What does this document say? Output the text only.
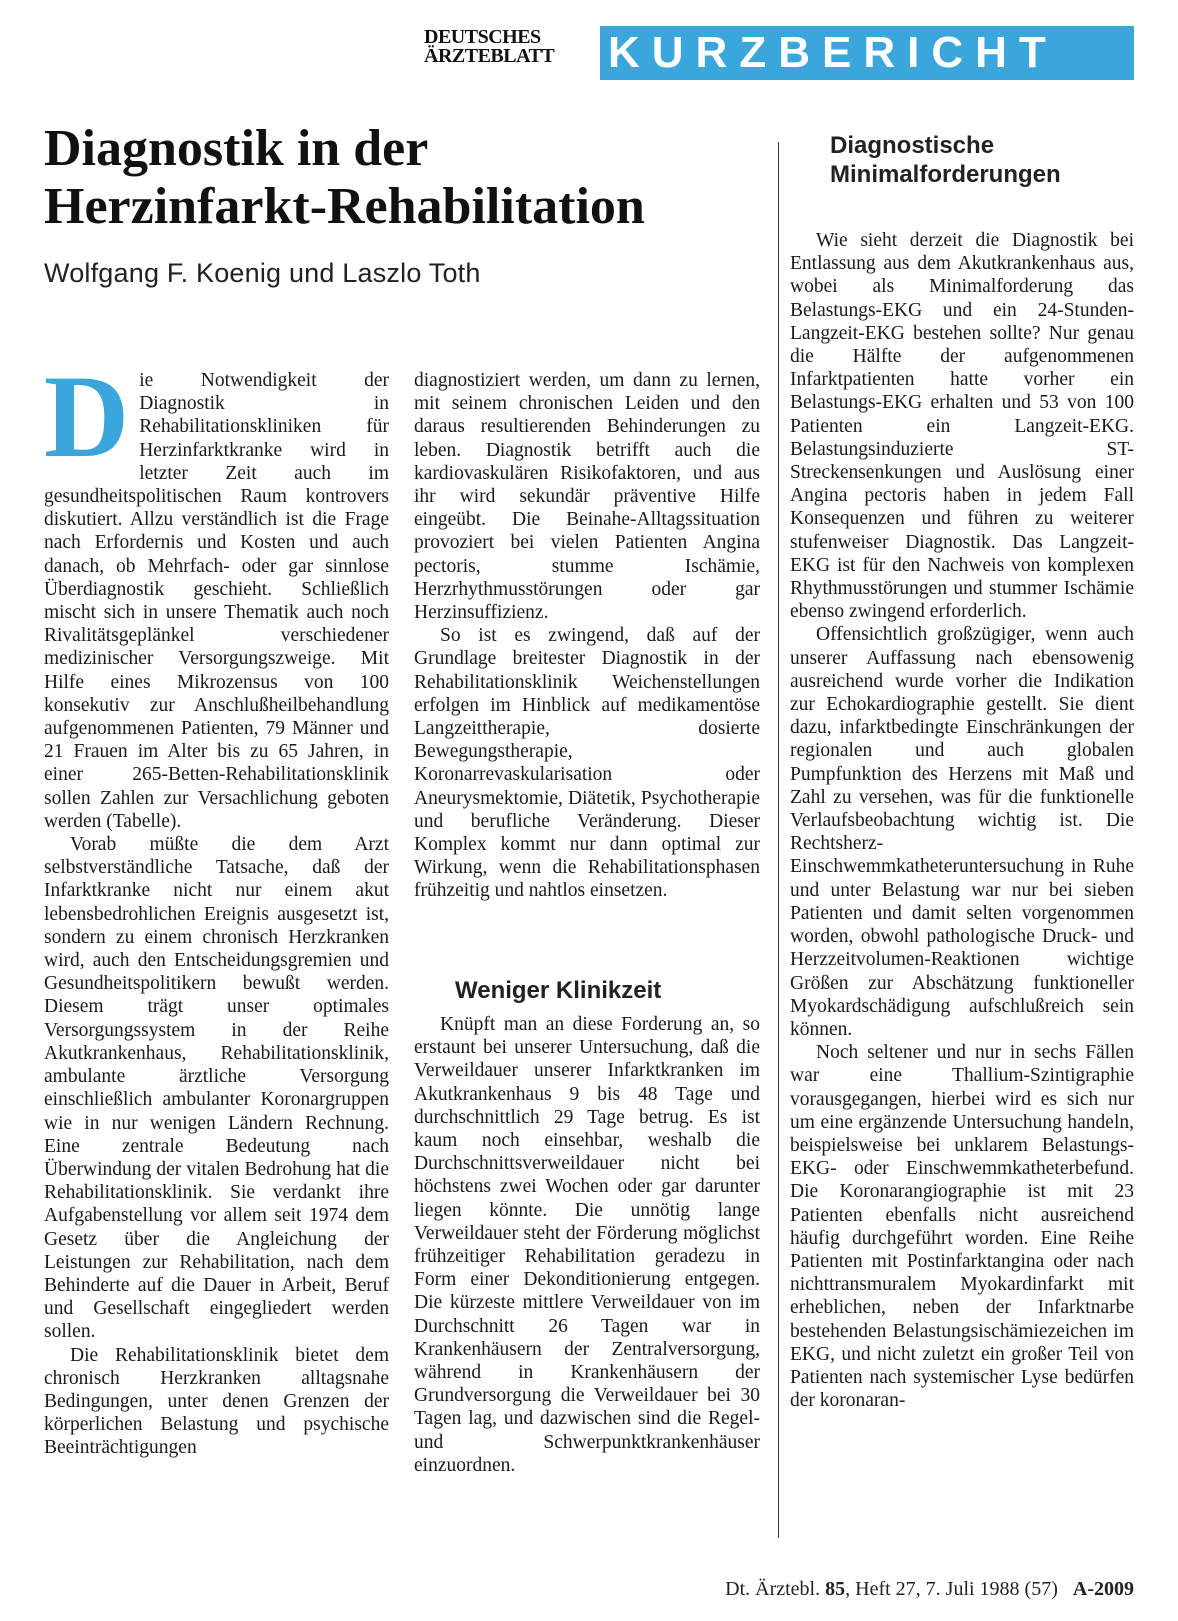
DEUTSCHES
ÄRZTEBLATT KURZBERICHT
Diagnostik in der
Herzinfarkt-Rehabilitation
Wolfgang F. Koenig und Laszlo Toth

D ie Notwendigkeit der Diagnostik in Rehabilitationskliniken für Herzinfarktkranke wird in letzter Zeit auch im gesundheitspolitischen Raum kontrovers diskutiert. Allzu verständlich ist die Frage nach Erfordernis und Kosten und auch danach, ob Mehrfach- oder gar sinnlose Überdiagnostik geschieht. Schließlich mischt sich in unsere Thematik auch noch Rivalitätsgeplänkel verschiedener medizinischer Versorgungszweige. Mit Hilfe eines Mikrozensus von 100 konsekutiv zur Anschlußheilbehandlung aufgenommenen Patienten, 79 Männer und 21 Frauen im Alter bis zu 65 Jahren, in einer 265-Betten-Rehabilitationsklinik sollen Zahlen zur Versachlichung geboten werden (Tabelle).

Vorab müßte die dem Arzt selbstverständliche Tatsache, daß der Infarktkranke nicht nur einem akut lebensbedrohlichen Ereignis ausgesetzt ist, sondern zu einem chronisch Herzkranken wird, auch den Entscheidungsgremien und Gesundheitspolitikern bewußt werden. Diesem trägt unser optimales Versorgungssystem in der Reihe Akutkrankenhaus, Rehabilitationsklinik, ambulante ärztliche Versorgung einschließlich ambulanter Koronargruppen wie in nur wenigen Ländern Rechnung. Eine zentrale Bedeutung nach Überwindung der vitalen Bedrohung hat die Rehabilitationsklinik. Sie verdankt ihre Aufgabenstellung vor allem seit 1974 dem Gesetz über die Angleichung der Leistungen zur Rehabilitation, nach dem Behinderte auf die Dauer in Arbeit, Beruf und Gesellschaft eingegliedert werden sollen.

Die Rehabilitationsklinik bietet dem chronisch Herzkranken alltagsnahe Bedingungen, unter denen Grenzen der körperlichen Belastung und psychische Beeinträchtigungen

diagnostiziert werden, um dann zu lernen, mit seinem chronischen Leiden und den daraus resultierenden Behinderungen zu leben. Diagnostik betrifft auch die kardiovaskulären Risikofaktoren, und aus ihr wird sekundär präventive Hilfe eingeübt. Die Beinahe-Alltagssituation provoziert bei vielen Patienten Angina pectoris, stumme Ischämie, Herzrhythmusstörungen oder gar Herzinsuffizienz.

So ist es zwingend, daß auf der Grundlage breitester Diagnostik in der Rehabilitationsklinik Weichenstellungen erfolgen im Hinblick auf medikamentöse Langzeittherapie, dosierte Bewegungstherapie, Koronarrevaskularisation oder Aneurysmektomie, Diätetik, Psychotherapie und berufliche Veränderung. Dieser Komplex kommt nur dann optimal zur Wirkung, wenn die Rehabilitationsphasen frühzeitig und nahtlos einsetzen.

Weniger Klinikzeit

Knüpft man an diese Forderung an, so erstaunt bei unserer Untersuchung, daß die Verweildauer unserer Infarktkranken im Akutkrankenhaus 9 bis 48 Tage und durchschnittlich 29 Tage betrug. Es ist kaum noch einsehbar, weshalb die Durchschnittsverweildauer nicht bei höchstens zwei Wochen oder gar darunter liegen könnte. Die unnötig lange Verweildauer steht der Förderung möglichst frühzeitiger Rehabilitation geradezu in Form einer Dekonditionierung entgegen. Die kürzeste mittlere Verweildauer von im Durchschnitt 26 Tagen war in Krankenhäusern der Zentralversorgung, während in Krankenhäusern der Grundversorgung die Verweildauer bei 30 Tagen lag, und dazwischen sind die Regel- und Schwerpunktkrankenhäuser einzuordnen.

Diagnostische
Minimalforderungen

Wie sieht derzeit die Diagnostik bei Entlassung aus dem Akutkrankenhaus aus, wobei als Minimalforderung das Belastungs-EKG und ein 24-Stunden-Langzeit-EKG bestehen sollte? Nur genau die Hälfte der aufgenommenen Infarktpatienten hatte vorher ein Belastungs-EKG erhalten und 53 von 100 Patienten ein Langzeit-EKG. Belastungsinduzierte ST-Streckensenkungen und Auslösung einer Angina pectoris haben in jedem Fall Konsequenzen und führen zu weiterer stufenweiser Diagnostik. Das Langzeit-EKG ist für den Nachweis von komplexen Rhythmusstörungen und stummer Ischämie ebenso zwingend erforderlich.

Offensichtlich großzügiger, wenn auch unserer Auffassung nach ebensowenig ausreichend wurde vorher die Indikation zur Echokardiographie gestellt. Sie dient dazu, infarktbedingte Einschränkungen der regionalen und auch globalen Pumpfunktion des Herzens mit Maß und Zahl zu versehen, was für die funktionelle Verlaufsbeobachtung wichtig ist. Die Rechtsherz-Einschwemmkatheteruntersuchung in Ruhe und unter Belastung war nur bei sieben Patienten und damit selten vorgenommen worden, obwohl pathologische Druck- und Herzzeitvolumen-Reaktionen wichtige Größen zur Abschätzung funktioneller Myokardschädigung aufschlußreich sein können.

Noch seltener und nur in sechs Fällen war eine Thallium-Szintigraphie vorausgegangen, hierbei wird es sich nur um eine ergänzende Untersuchung handeln, beispielsweise bei unklarem Belastungs-EKG- oder Einschwemmkatheterbefund. Die Koronarangiographie ist mit 23 Patienten ebenfalls nicht ausreichend häufig durchgeführt worden. Eine Reihe Patienten mit Postinfarktangina oder nach nichttransmuralem Myokardinfarkt mit erheblichen, neben der Infarktnarbe bestehenden Belastungsischämiezeichen im EKG, und nicht zuletzt ein großer Teil von Patienten nach systemischer Lyse bedürfen der koronaran-

Dt. Ärztebl. 85, Heft 27, 7. Juli 1988 (57) A-2009
